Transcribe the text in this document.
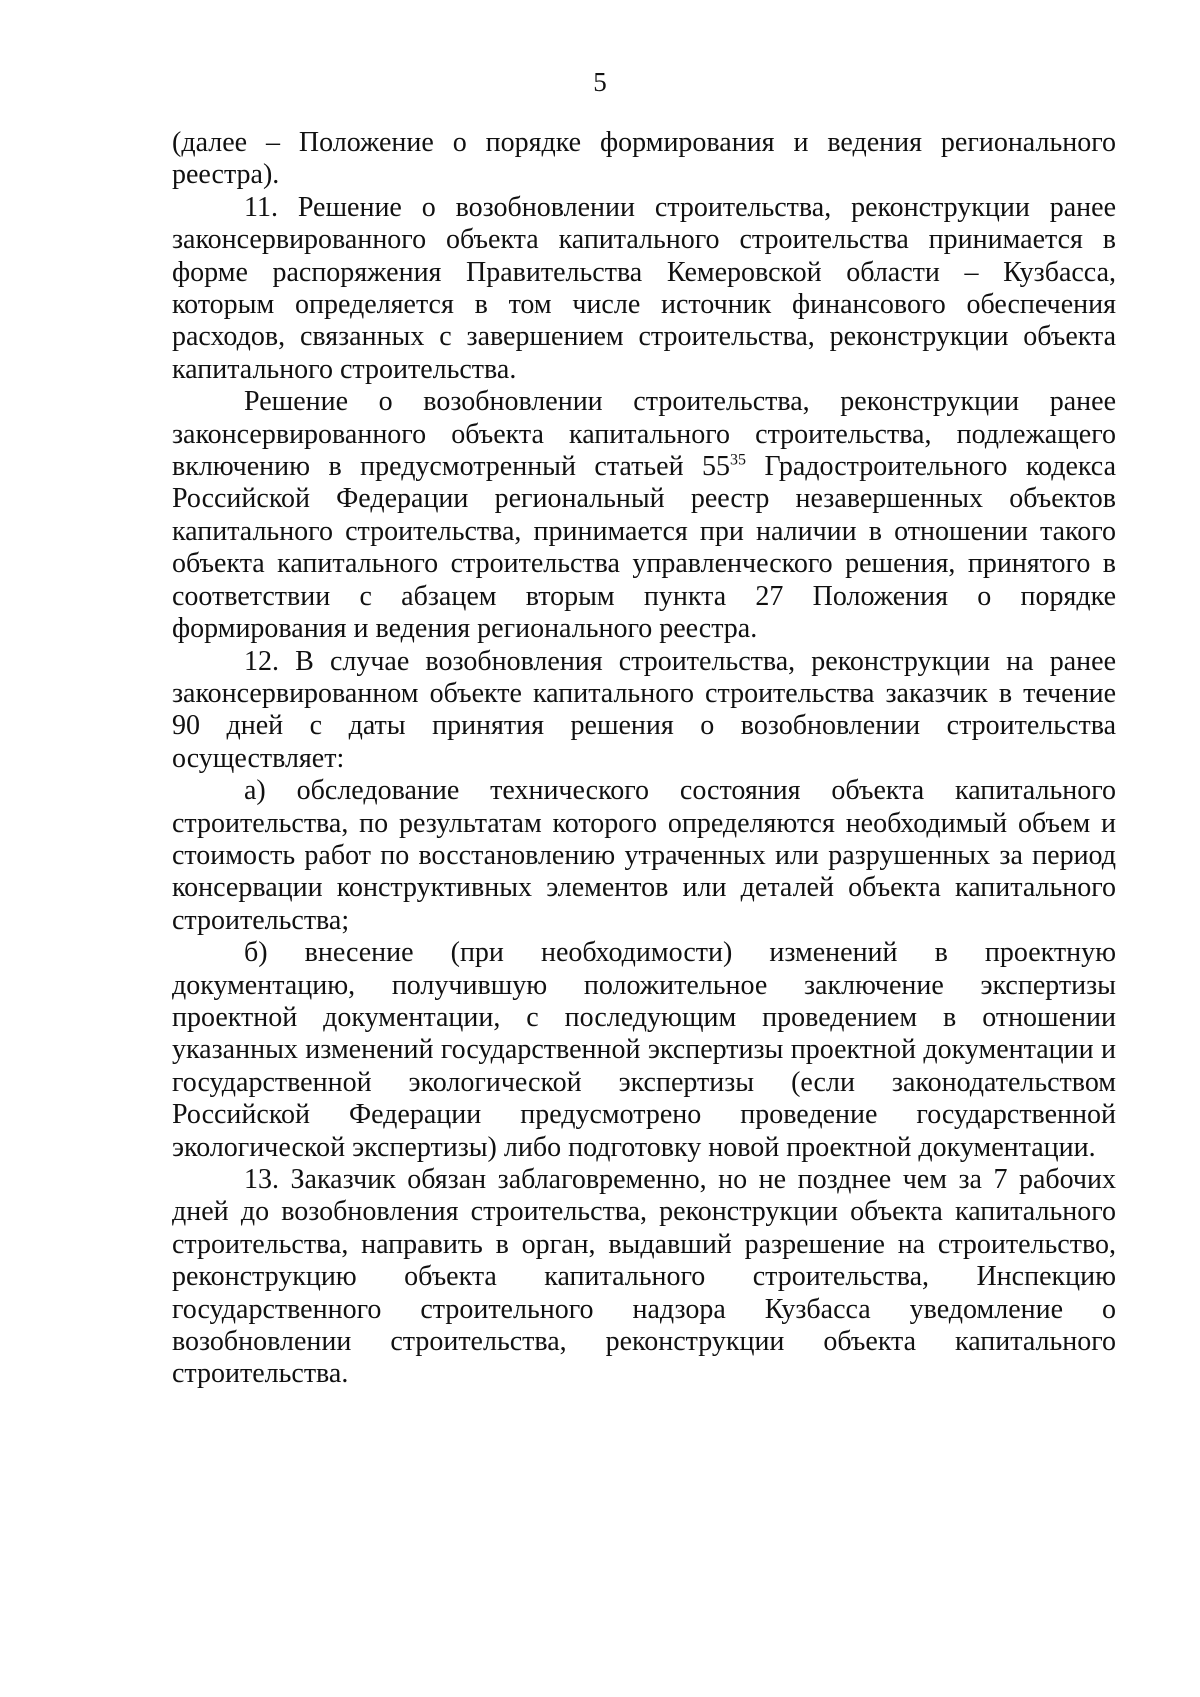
5

(далее – Положение о порядке формирования и ведения регионального реестра).

11. Решение о возобновлении строительства, реконструкции ранее законсервированного объекта капитального строительства принимается в форме распоряжения Правительства Кемеровской области – Кузбасса, которым определяется в том числе источник финансового обеспечения расходов, связанных с завершением строительства, реконструкции объекта капитального строительства.

Решение о возобновлении строительства, реконструкции ранее законсервированного объекта капитального строительства, подлежащего включению в предусмотренный статьей $55^{35}$ Градостроительного кодекса Российской Федерации региональный реестр незавершенных объектов капитального строительства, принимается при наличии в отношении такого объекта капитального строительства управленческого решения, принятого в соответствии с абзацем вторым пункта 27 Положения о порядке формирования и ведения регионального реестра.

12. В случае возобновления строительства, реконструкции на ранее законсервированном объекте капитального строительства заказчик в течение 90 дней с даты принятия решения о возобновлении строительства осуществляет:

а) обследование технического состояния объекта капитального строительства, по результатам которого определяются необходимый объем и стоимость работ по восстановлению утраченных или разрушенных за период консервации конструктивных элементов или деталей объекта капитального строительства;

б) внесение (при необходимости) изменений в проектную документацию, получившую положительное заключение экспертизы проектной документации, с последующим проведением в отношении указанных изменений государственной экспертизы проектной документации и государственной экологической экспертизы (если законодательством Российской Федерации предусмотрено проведение государственной экологической экспертизы) либо подготовку новой проектной документации.

13. Заказчик обязан заблаговременно, но не позднее чем за 7 рабочих дней до возобновления строительства, реконструкции объекта капитального строительства, направить в орган, выдавший разрешение на строительство, реконструкцию объекта капитального строительства, Инспекцию государственного строительного надзора Кузбасса уведомление о возобновлении строительства, реконструкции объекта капитального строительства.
